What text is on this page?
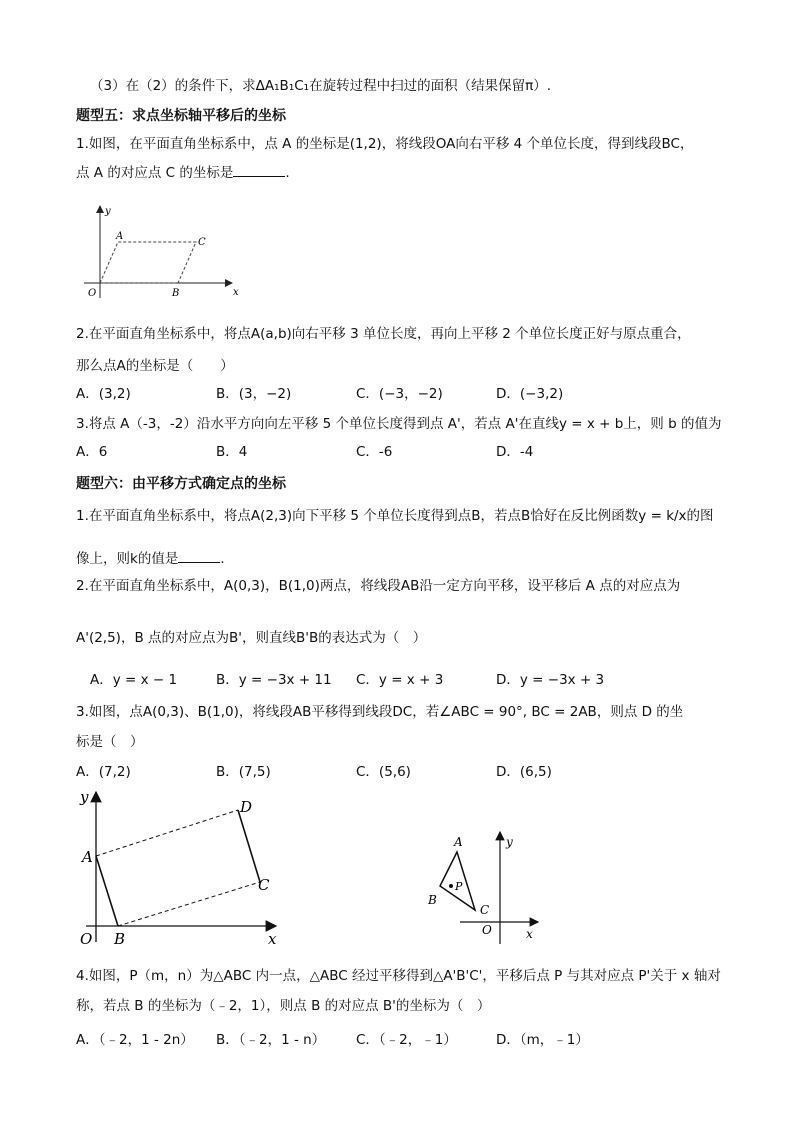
（3）在（2）的条件下，求ΔA₁B₁C₁在旋转过程中扫过的面积（结果保留π）.
题型五：求点坐标轴平移后的坐标
1.如图，在平面直角坐标系中，点 A 的坐标是(1,2)，将线段OA向右平移 4 个单位长度，得到线段BC，
点 A 的对应点 C 的坐标是	.
y
x
O
A
C
B
2.在平面直角坐标系中，将点A(a,b)向右平移 3 单位长度，再向上平移 2 个单位长度正好与原点重合，
那么点A的坐标是（　　）
A．(3,2)	B．(3，−2)	C．(−3，−2)	D．(−3,2)
3.将点 A（-3，-2）沿水平方向向左平移 5 个单位长度得到点 A'，若点 A'在直线y = x + b上，则 b 的值为
A．6	B．4	C．-6	D．-4
题型六：由平移方式确定点的坐标
1.在平面直角坐标系中，将点A(2,3)向下平移 5 个单位长度得到点B，若点B恰好在反比例函数y = k/x的图
像上，则k的值是	.
2.在平面直角坐标系中，A(0,3)，B(1,0)两点，将线段AB沿一定方向平移，设平移后 A 点的对应点为
A'(2,5)，B 点的对应点为B'，则直线B'B的表达式为（　）
A．y = x − 1	B．y = −3x + 11 C．y = x + 3	D．y = −3x + 3
3.如图，点A(0,3)、B(1,0)，将线段AB平移得到线段DC，若∠ABC = 90°, BC = 2AB，则点 D 的坐
标是（　）
A．(7,2)	B．(7,5)	C．(5,6)	D．(6,5)
y
x
O
A
B
C
D
A
B
C
P
O
y
x
4.如图，P（m，n）为△ABC 内一点，△ABC 经过平移得到△A'B'C'，平移后点 P 与其对应点 P'关于 x 轴对
称，若点 B 的坐标为（﹣2，1），则点 B 的对应点 B'的坐标为（　）
A．（﹣2，1 - 2n） B．（﹣2，1 - n） C．（﹣2，﹣1）	D．（m，﹣1）
